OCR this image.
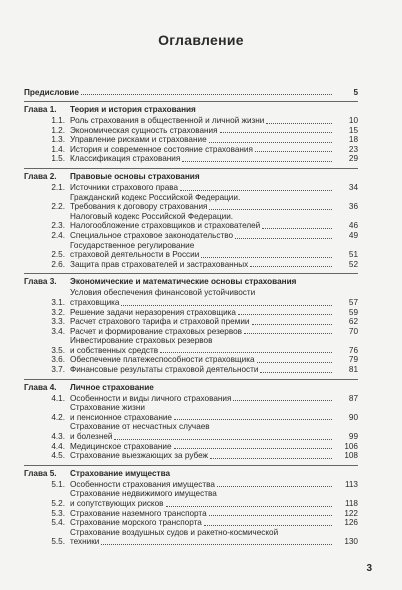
Оглавление
Предисловие	5
Глава 1.	Теория и история страхования
1.1. Роль страхования в общественной и личной жизни	10
1.2. Экономическая сущность страхования	15
1.3. Управление рисками и страхование	18
1.4. История и современное состояние страхования	23
1.5. Классификация страхования	29
Глава 2.	Правовые основы страхования
2.1. Источники страхового права	34
2.2.
Гражданский кодекс Российской Федерации.
Требования к договору страхования	36
2.3.
Налоговый кодекс Российской Федерации.
Налогообложение страховщиков и страхователей	46
2.4. Специальное страховое законодательство	49
2.5.
Государственное регулирование
страховой деятельности в России	51
2.6. Защита прав страхователей и застрахованных	52
Глава 3.	Экономические и математические основы страхования
3.1.
Условия обеспечения финансовой устойчивости
страховщика	57
3.2. Решение задачи неразорения страховщика	59
3.3. Расчет страхового тарифа и страховой премии	62
3.4. Расчет и формирование страховых резервов	70
3.5.
Инвестирование страховых резервов
и собственных средств	76
3.6. Обеспечение платежеспособности страховщика	79
3.7. Финансовые результаты страховой деятельности	81
Глава 4.	Личное страхование
4.1. Особенности и виды личного страхования	87
4.2.
Страхование жизни
и пенсионное страхование	90
4.3.
Страхование от несчастных случаев
и болезней	99
4.4. Медицинское страхование	106
4.5. Страхование выезжающих за рубеж	108
Глава 5.	Страхование имущества
5.1. Особенности страхования имущества	113
5.2.
Страхование недвижимого имущества
и сопутствующих рисков	118
5.3. Страхование наземного транспорта	122
5.4. Страхование морского транспорта	126
5.5.
Страхование воздушных судов и ракетно-космической
техники	130
3
